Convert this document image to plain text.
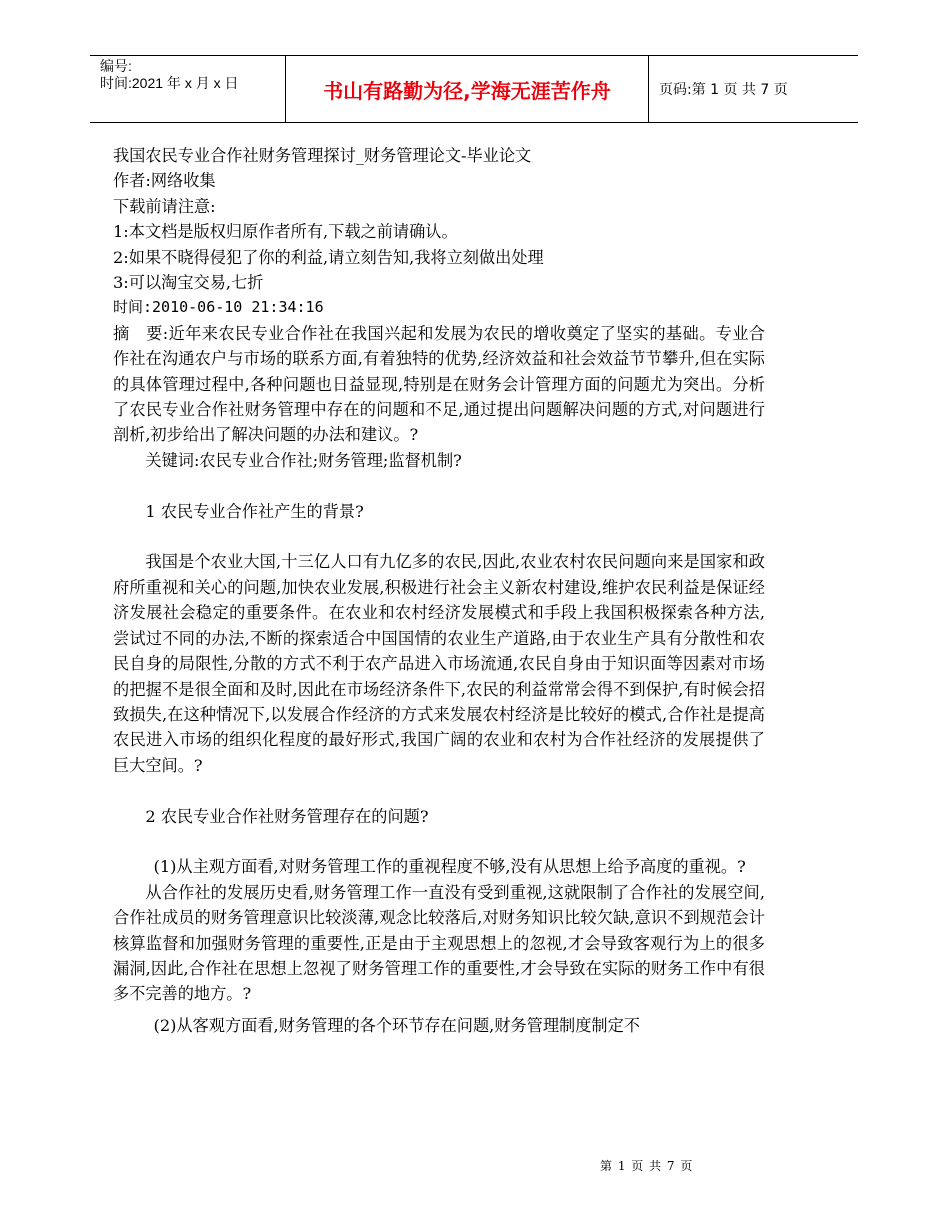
编号:
时间:2021 年 x 月 x 日	书山有路勤为径,学海无涯苦作舟	页码:第 1 页 共 7 页

我国农民专业合作社财务管理探讨_财务管理论文-毕业论文

作者:网络收集

下载前请注意:

1:本文档是版权归原作者所有,下载之前请确认。

2:如果不晓得侵犯了你的利益,请立刻告知,我将立刻做出处理

3:可以淘宝交易,七折

时间:2010-06-10 21:34:16

摘　要:近年来农民专业合作社在我国兴起和发展为农民的增收奠定了坚实的基础。专业合作社在沟通农户与市场的联系方面,有着独特的优势,经济效益和社会效益节节攀升,但在实际的具体管理过程中,各种问题也日益显现,特别是在财务会计管理方面的问题尤为突出。分析了农民专业合作社财务管理中存在的问题和不足,通过提出问题解决问题的方式,对问题进行剖析,初步给出了解决问题的办法和建议。?

关键词:农民专业合作社;财务管理;监督机制?

1 农民专业合作社产生的背景?

我国是个农业大国,十三亿人口有九亿多的农民,因此,农业农村农民问题向来是国家和政府所重视和关心的问题,加快农业发展,积极进行社会主义新农村建设,维护农民利益是保证经济发展社会稳定的重要条件。在农业和农村经济发展模式和手段上我国积极探索各种方法,尝试过不同的办法,不断的探索适合中国国情的农业生产道路,由于农业生产具有分散性和农民自身的局限性,分散的方式不利于农产品进入市场流通,农民自身由于知识面等因素对市场的把握不是很全面和及时,因此在市场经济条件下,农民的利益常常会得不到保护,有时候会招致损失,在这种情况下,以发展合作经济的方式来发展农村经济是比较好的模式,合作社是提高农民进入市场的组织化程度的最好形式,我国广阔的农业和农村为合作社经济的发展提供了巨大空间。?

2 农民专业合作社财务管理存在的问题?

(1)从主观方面看,对财务管理工作的重视程度不够,没有从思想上给予高度的重视。?

从合作社的发展历史看,财务管理工作一直没有受到重视,这就限制了合作社的发展空间,合作社成员的财务管理意识比较淡薄,观念比较落后,对财务知识比较欠缺,意识不到规范会计核算监督和加强财务管理的重要性,正是由于主观思想上的忽视,才会导致客观行为上的很多漏洞,因此,合作社在思想上忽视了财务管理工作的重要性,才会导致在实际的财务工作中有很多不完善的地方。?

(2)从客观方面看,财务管理的各个环节存在问题,财务管理制度制定不

第 1 页 共 7 页
